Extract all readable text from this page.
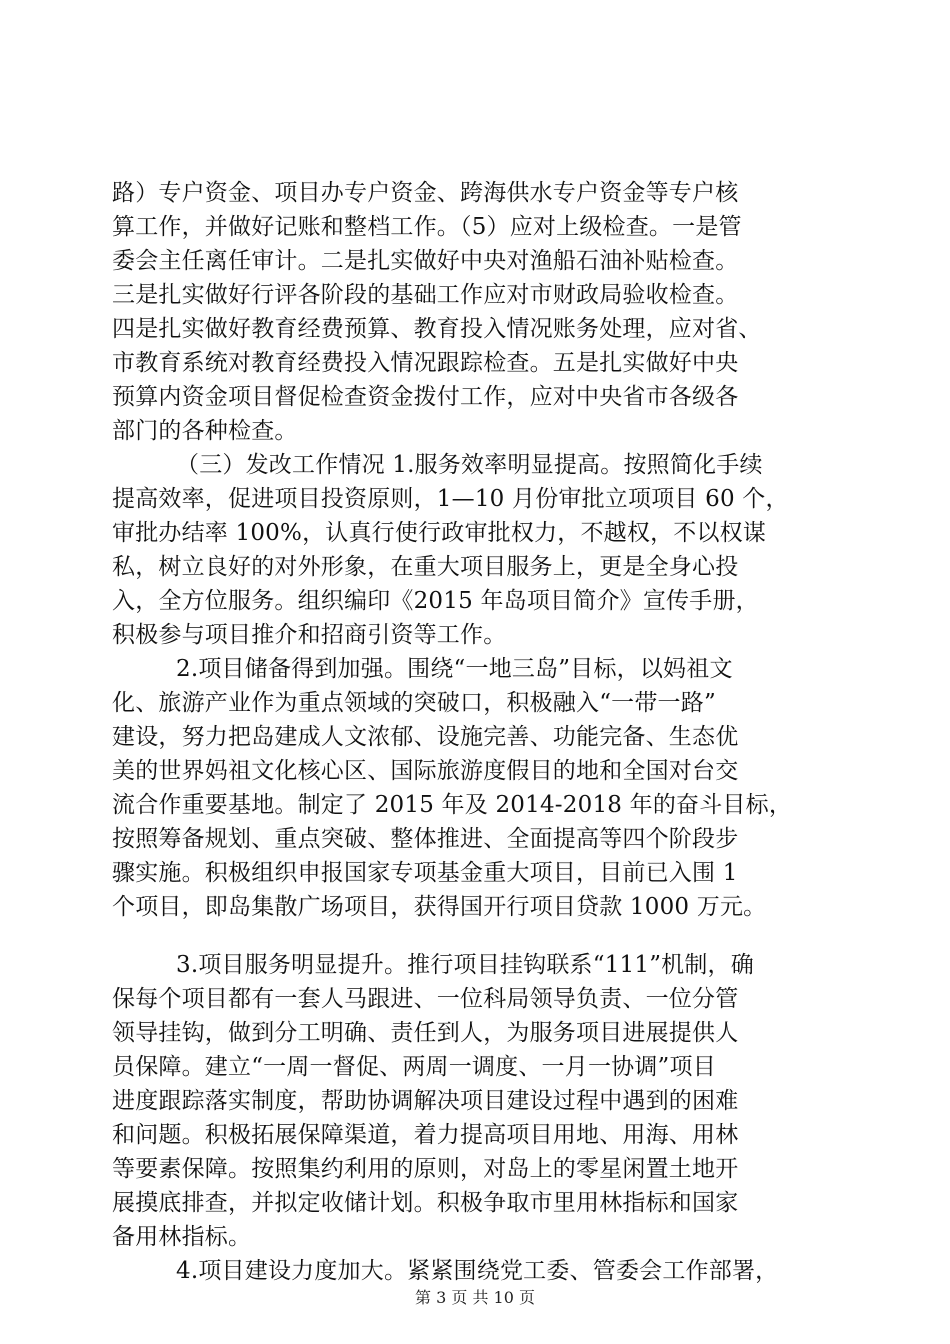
路）专户资金、项目办专户资金、跨海供水专户资金等专户核
算工作，并做好记账和整档工作。（5）应对上级检查。一是管
委会主任离任审计。二是扎实做好中央对渔船石油补贴检查。
三是扎实做好行评各阶段的基础工作应对市财政局验收检查。
四是扎实做好教育经费预算、教育投入情况账务处理，应对省、
市教育系统对教育经费投入情况跟踪检查。五是扎实做好中央
预算内资金项目督促检查资金拨付工作，应对中央省市各级各
部门的各种检查。
（三）发改工作情况 1.服务效率明显提高。按照简化手续
提高效率，促进项目投资原则，1—10 月份审批立项项目 60 个，
审批办结率 100%，认真行使行政审批权力，不越权，不以权谋
私，树立良好的对外形象，在重大项目服务上，更是全身心投
入，全方位服务。组织编印《2015 年岛项目简介》宣传手册，
积极参与项目推介和招商引资等工作。
2.项目储备得到加强。围绕“一地三岛”目标，以妈祖文
化、旅游产业作为重点领域的突破口，积极融入“一带一路”
建设，努力把岛建成人文浓郁、设施完善、功能完备、生态优
美的世界妈祖文化核心区、国际旅游度假目的地和全国对台交
流合作重要基地。制定了 2015 年及 2014-2018 年的奋斗目标，
按照筹备规划、重点突破、整体推进、全面提高等四个阶段步
骤实施。积极组织申报国家专项基金重大项目，目前已入围 1
个项目，即岛集散广场项目，获得国开行项目贷款 1000 万元。
3.项目服务明显提升。推行项目挂钩联系“111”机制，确
保每个项目都有一套人马跟进、一位科局领导负责、一位分管
领导挂钩，做到分工明确、责任到人，为服务项目进展提供人
员保障。建立“一周一督促、两周一调度、一月一协调”项目
进度跟踪落实制度，帮助协调解决项目建设过程中遇到的困难
和问题。积极拓展保障渠道，着力提高项目用地、用海、用林
等要素保障。按照集约利用的原则，对岛上的零星闲置土地开
展摸底排查，并拟定收储计划。积极争取市里用林指标和国家
备用林指标。
4.项目建设力度加大。紧紧围绕党工委、管委会工作部署，
第 3 页 共 10 页
